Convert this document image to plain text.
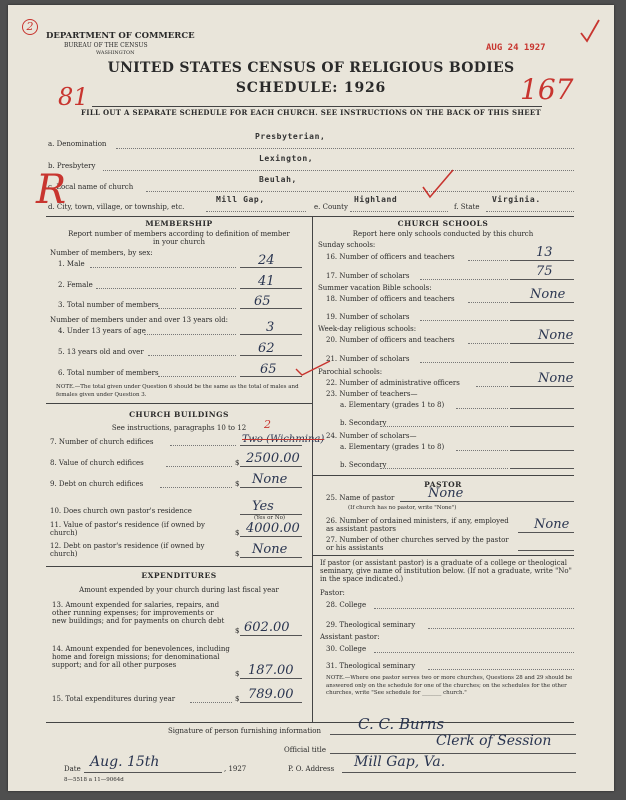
2
81	167
AUG 24 1927
DEPARTMENT OF COMMERCE
BUREAU OF THE CENSUS
WASHINGTON
UNITED STATES CENSUS OF RELIGIOUS BODIES
SCHEDULE: 1926
FILL OUT A SEPARATE SCHEDULE FOR EACH CHURCH. SEE INSTRUCTIONS ON THE BACK OF THIS SHEET
a. Denomination
Presbyterian,
b. Presbytery
Lexington,
c. Local name of church
Beulah,
R
d. City, town, village, or township, etc.
Mill Gap,
e. County
Highland
f. State
Virginia.
MEMBERSHIP
Report number of members according to definition of member in your church
Number of members, by sex:
1. Male	24
2. Female	41
3. Total number of members	65
Number of members under and over 13 years old:
4. Under 13 years of age	3
5. 13 years old and over	62
6. Total number of members	65
NOTE.—The total given under Question 6 should be the same as the total of males and females given under Question 3.
CHURCH BUILDINGS
See instructions, paragraphs 10 to 12	2
7. Number of church edifices	Two (Wichmina)
8. Value of church edifices	$ 2500.00
9. Debt on church edifices	$ None
10. Does church own pastor's residence	Yes
(Yes or No)
11. Value of pastor's residence (if owned by church)	$ 4000.00
12. Debt on pastor's residence (if owned by church)	$ None
EXPENDITURES
Amount expended by your church during last fiscal year
13. Amount expended for salaries, repairs, and other running expenses; for improvements or new buildings; and for payments on church debt
$ 602.00
14. Amount expended for benevolences, including home and foreign missions; for denominational support; and for all other purposes
$ 187.00
15. Total expenditures during year	$ 789.00
CHURCH SCHOOLS
Report here only schools conducted by this church
Sunday schools:
16. Number of officers and teachers	13
17. Number of scholars	75
Summer vacation Bible schools:
18. Number of officers and teachers	None
19. Number of scholars
Week-day religious schools:
20. Number of officers and teachers	None
21. Number of scholars
Parochial schools:
22. Number of administrative officers	None
23. Number of teachers—
a. Elementary (grades 1 to 8)
b. Secondary
24. Number of scholars—
a. Elementary (grades 1 to 8)
b. Secondary
PASTOR
25. Name of pastor	None
(If church has no pastor, write "None")
26. Number of ordained ministers, if any, employed as assistant pastors	None
27. Number of other churches served by the pastor or his assistants
If pastor (or assistant pastor) is a graduate of a college or theological seminary, give name of institution below. (If not a graduate, write "No" in the space indicated.)
Pastor:
28. College
29. Theological seminary
Assistant pastor:
30. College
31. Theological seminary
NOTE.—Where one pastor serves two or more churches, Questions 28 and 29 should be answered only on the schedule for one of the churches; on the schedules for the other churches, write "See schedule for _______ church."
Signature of person furnishing information C. C. Burns
Official title
Clerk of Session
Date Aug. 15th	, 1927
8—5518 a 11—9064d
P. O. Address Mill Gap, Va.
